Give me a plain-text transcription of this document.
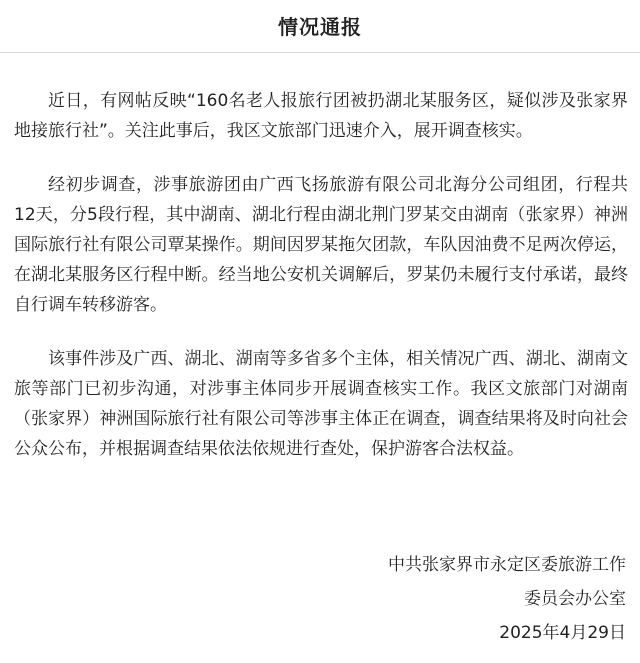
情况通报

近日，有网帖反映“160名老人报旅行团被扔湖北某服务区，疑似涉及张家界地接旅行社”。关注此事后，我区文旅部门迅速介入，展开调查核实。

经初步调查，涉事旅游团由广西飞扬旅游有限公司北海分公司组团，行程共12天，分5段行程，其中湖南、湖北行程由湖北荆门罗某交由湖南（张家界）神洲国际旅行社有限公司覃某操作。期间因罗某拖欠团款，车队因油费不足两次停运，在湖北某服务区行程中断。经当地公安机关调解后，罗某仍未履行支付承诺，最终自行调车转移游客。

该事件涉及广西、湖北、湖南等多省多个主体，相关情况广西、湖北、湖南文旅等部门已初步沟通，对涉事主体同步开展调查核实工作。我区文旅部门对湖南（张家界）神洲国际旅行社有限公司等涉事主体正在调查，调查结果将及时向社会公众公布，并根据调查结果依法依规进行查处，保护游客合法权益。

中共张家界市永定区委旅游工作
委员会办公室
2025年4月29日
